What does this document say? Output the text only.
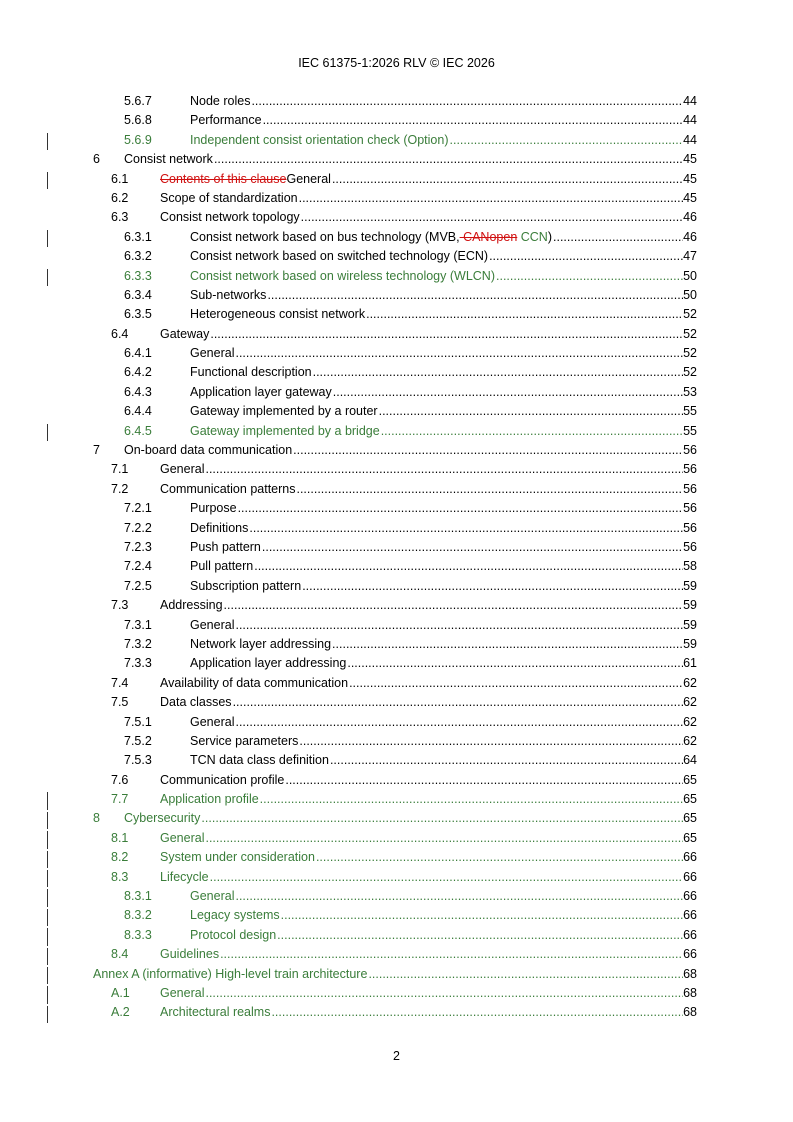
IEC 61375-1:2026 RLV © IEC 2026
5.6.7	Node roles .....	44
5.6.8	Performance .....	44
5.6.9	Independent consist orientation check (Option) .....	44
6 Consist network .....	45
6.1	Contents of this clauseGeneral .....	45
6.2	Scope of standardization .....	45
6.3	Consist network topology .....	46
6.3.1	Consist network based on bus technology (MVB, CANopen CCN) .....	46
6.3.2	Consist network based on switched technology (ECN) .....	47
6.3.3	Consist network based on wireless technology (WLCN) .....	50
6.3.4	Sub-networks .....	50
6.3.5	Heterogeneous consist network .....	52
6.4	Gateway .....	52
6.4.1	General .....	52
6.4.2	Functional description .....	52
6.4.3	Application layer gateway .....	53
6.4.4	Gateway implemented by a router .....	55
6.4.5	Gateway implemented by a bridge .....	55
7 On-board data communication .....	56
7.1	General .....	56
7.2	Communication patterns .....	56
7.2.1	Purpose .....	56
7.2.2	Definitions .....	56
7.2.3	Push pattern .....	56
7.2.4	Pull pattern .....	58
7.2.5	Subscription pattern .....	59
7.3	Addressing .....	59
7.3.1	General .....	59
7.3.2	Network layer addressing .....	59
7.3.3	Application layer addressing .....	61
7.4	Availability of data communication .....	62
7.5	Data classes .....	62
7.5.1	General .....	62
7.5.2	Service parameters .....	62
7.5.3	TCN data class definition .....	64
7.6	Communication profile .....	65
7.7	Application profile .....	65
8 Cybersecurity .....	65
8.1	General .....	65
8.2	System under consideration .....	66
8.3	Lifecycle .....	66
8.3.1	General .....	66
8.3.2	Legacy systems .....	66
8.3.3	Protocol design .....	66
8.4	Guidelines .....	66
Annex A (informative) High-level train architecture .....	68
A.1 General .....	68
A.2 Architectural realms .....	68
2
